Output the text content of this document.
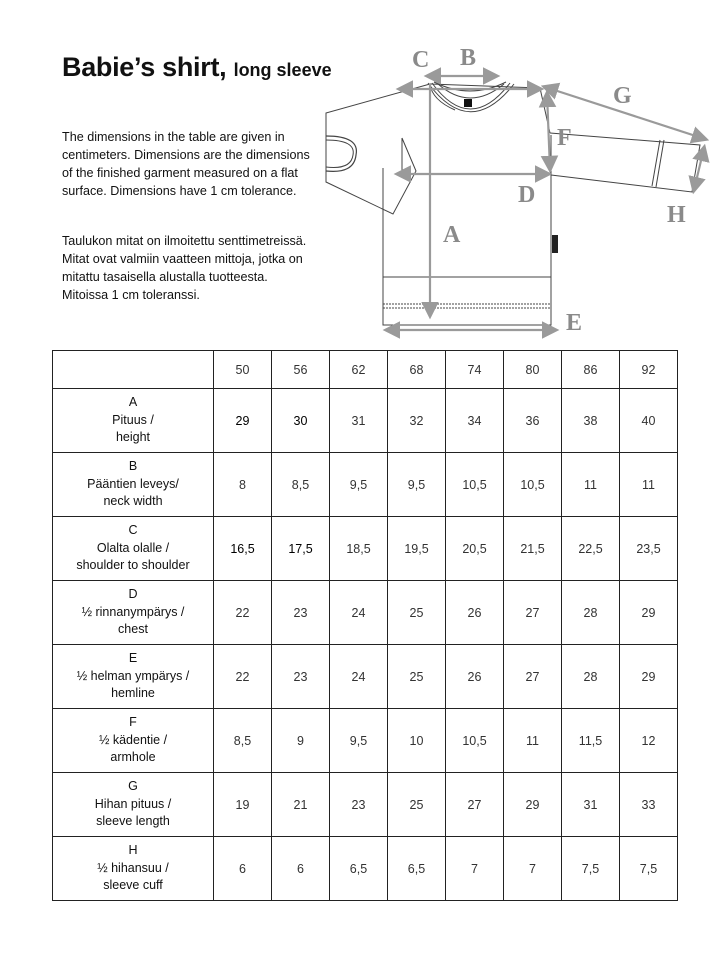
Babie’s shirt, long sleeve
The dimensions in the table are given in centimeters. Dimensions are the dimensions of the finished garment measured on a flat surface. Dimensions have 1 cm tolerance.
Taulukon mitat on ilmoitettu senttimetreissä. Mitat ovat valmiin vaatteen mittoja, jotka on mitattu tasaisella alustalla tuotteesta. Mitoissa 1 cm toleranssi.
C B
G
F
D
H
A
E
	50	56	62	68	74	80	86	92

A
Pituus /
height	29	30	31	32	34	36	38	40

B
Pääntien leveys/
neck width	8	8,5	9,5	9,5	10,5	10,5	11	11

C
Olalta olalle /
shoulder to shoulder	16,5	17,5	18,5	19,5	20,5	21,5	22,5	23,5

D
½ rinnanympärys /
chest	22	23	24	25	26	27	28	29

E
½ helman ympärys /
hemline	22	23	24	25	26	27	28	29

F
½ kädentie /
armhole	8,5	9	9,5	10	10,5	11	11,5	12

G
Hihan pituus /
sleeve length	19	21	23	25	27	29	31	33

H
½ hihansuu /
sleeve cuff	6	6	6,5	6,5	7	7	7,5	7,5
